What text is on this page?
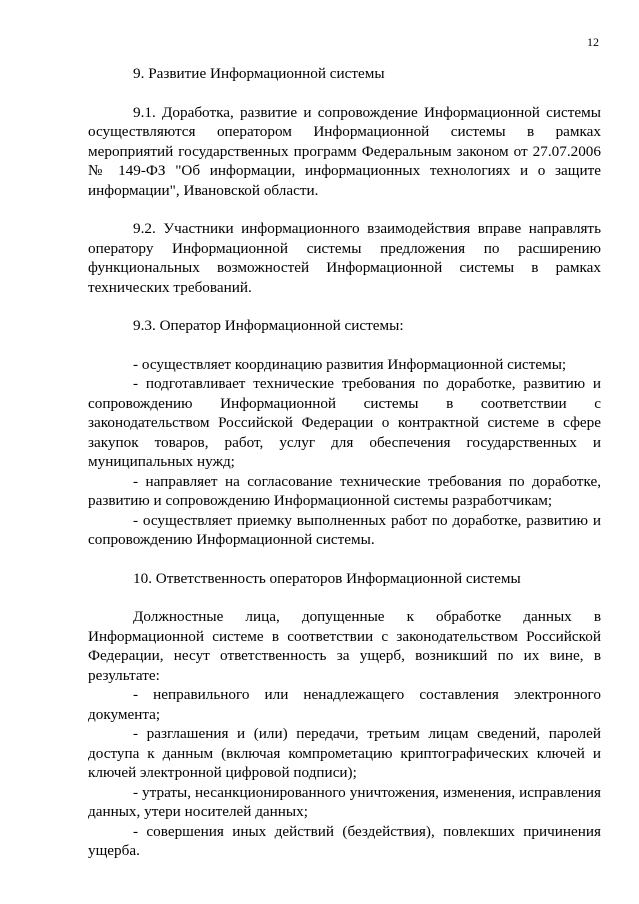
12

9. Развитие Информационной системы

9.1. Доработка, развитие и сопровождение Информационной системы осуществляются оператором Информационной системы в рамках мероприятий государственных программ Федеральным законом от 27.07.2006 № 149-ФЗ "Об информации, информационных технологиях и о защите информации", Ивановской области.

9.2. Участники информационного взаимодействия вправе направлять оператору Информационной системы предложения по расширению функциональных возможностей Информационной системы в рамках технических требований.

9.3. Оператор Информационной системы:

- осуществляет координацию развития Информационной системы;

- подготавливает технические требования по доработке, развитию и сопровождению Информационной системы в соответствии с законодательством Российской Федерации о контрактной системе в сфере закупок товаров, работ, услуг для обеспечения государственных и муниципальных нужд;

- направляет на согласование технические требования по доработке, развитию и сопровождению Информационной системы разработчикам;

- осуществляет приемку выполненных работ по доработке, развитию и сопровождению Информационной системы.

10. Ответственность операторов Информационной системы

Должностные лица, допущенные к обработке данных в Информационной системе в соответствии с законодательством Российской Федерации, несут ответственность за ущерб, возникший по их вине, в результате:

- неправильного или ненадлежащего составления электронного документа;

- разглашения и (или) передачи, третьим лицам сведений, паролей доступа к данным (включая компрометацию криптографических ключей и ключей электронной цифровой подписи);

- утраты, несанкционированного уничтожения, изменения, исправления данных, утери носителей данных;

- совершения иных действий (бездействия), повлекших причинения ущерба.
